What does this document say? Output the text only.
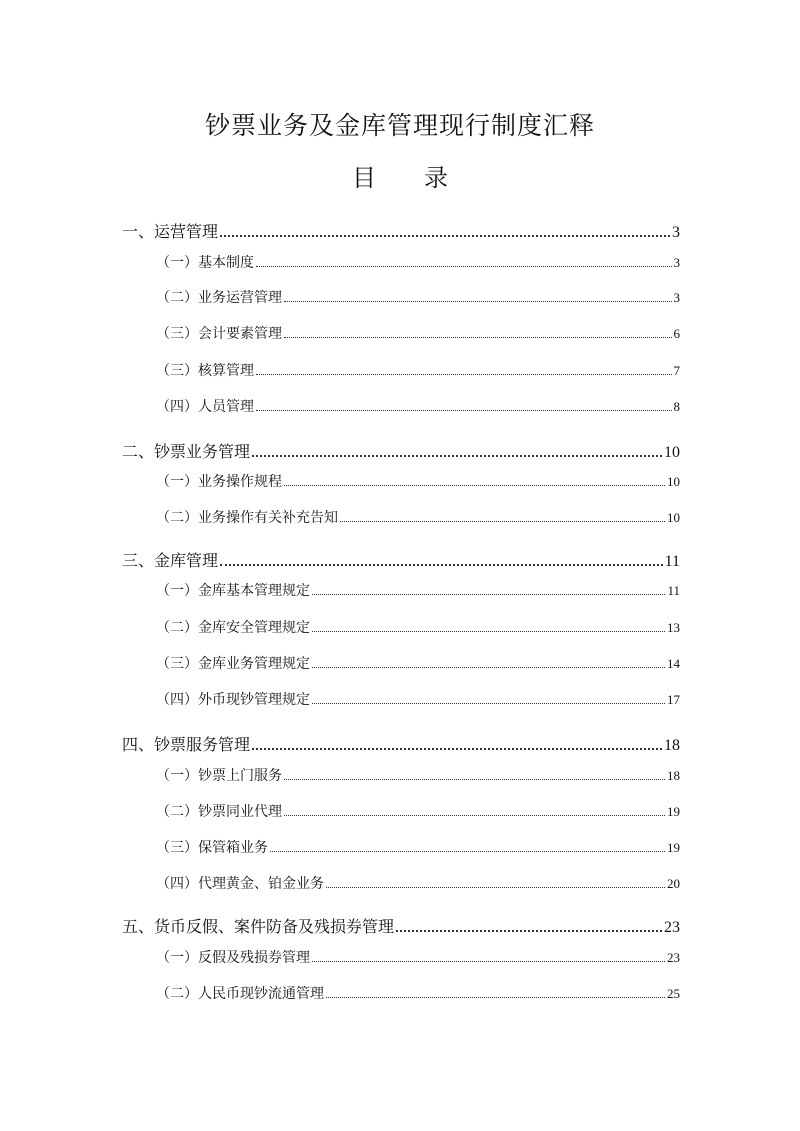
钞票业务及金库管理现行制度汇释
目　　录
一、运营管理	3
（一）基本制度	3
（二）业务运营管理	3
（三）会计要素管理	6
（三）核算管理	7
（四）人员管理	8
二、钞票业务管理	10
（一）业务操作规程	10
（二）业务操作有关补充告知	10
三、金库管理	11
（一）金库基本管理规定	11
（二）金库安全管理规定	13
（三）金库业务管理规定	14
（四）外币现钞管理规定	17
四、钞票服务管理	18
（一）钞票上门服务	18
（二）钞票同业代理	19
（三）保管箱业务	19
（四）代理黄金、铂金业务	20
五、货币反假、案件防备及残损券管理	23
（一）反假及残损券管理	23
（二）人民币现钞流通管理	25
